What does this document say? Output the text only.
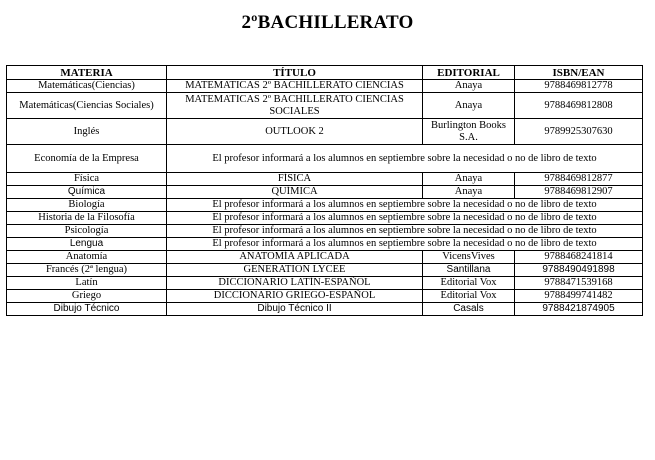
2ºBACHILLERATO
MATERIA	TÍTULO	EDITORIAL	ISBN/EAN
Matemáticas(Ciencias)	MATEMATICAS 2º BACHILLERATO CIENCIAS	Anaya	9788469812778
Matemáticas(Ciencias Sociales)	MATEMATICAS 2º BACHILLERATO CIENCIAS SOCIALES	Anaya	9788469812808
Inglés	OUTLOOK 2	Burlington Books S.A.	9789925307630
Economía de la Empresa	El profesor informará a los alumnos en septiembre sobre la necesidad o no de libro de texto		
Física	FÍSICA	Anaya	9788469812877
Química	QUÍMICA	Anaya	9788469812907
Biología	El profesor informará a los alumnos en septiembre sobre la necesidad o no de libro de texto		
Historia de la Filosofía	El profesor informará a los alumnos en septiembre sobre la necesidad o no de libro de texto		
Psicología	El profesor informará a los alumnos en septiembre sobre la necesidad o no de libro de texto		
Lengua	El profesor informará a los alumnos en septiembre sobre la necesidad o no de libro de texto		
Anatomía	ANATOMÍA APLICADA	VicensVives	9788468241814
Francés (2ª lengua)	GENERATION LYCEE	Santillana	9788490491898
Latín	DICCIONARIO LATÍN-ESPAÑOL	Editorial Vox	9788471539168
Griego	DICCIONARIO GRIEGO-ESPAÑOL	Editorial Vox	9788499741482
Dibujo Técnico	Dibujo Técnico II	Casals	9788421874905
